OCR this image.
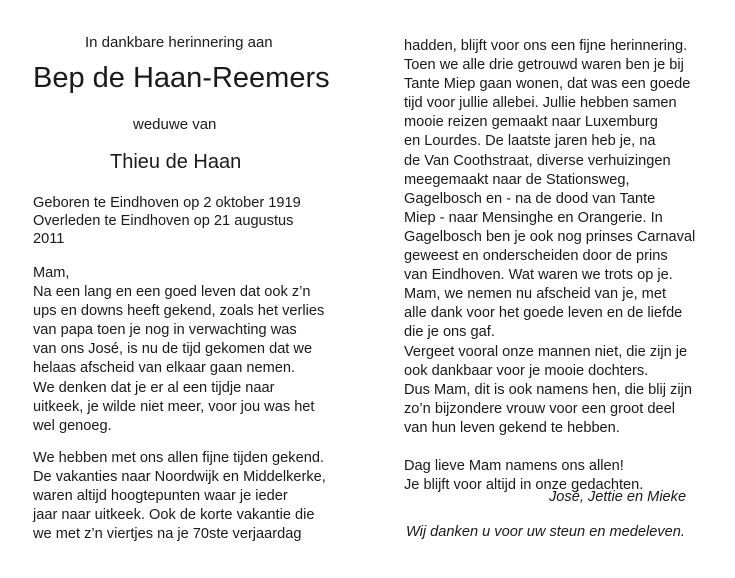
In dankbare herinnering aan
Bep de Haan-Reemers
weduwe van
Thieu de Haan
Geboren te Eindhoven op 2 oktober 1919
Overleden te Eindhoven op 21 augustus 2011
Mam,
Na een lang en een goed leven dat ook z’n
ups en downs heeft gekend, zoals het verlies
van papa toen je nog in verwachting was
van ons José, is nu de tijd gekomen dat we
helaas afscheid van elkaar gaan nemen.
We denken dat je er al een tijdje naar
uitkeek, je wilde niet meer, voor jou was het
wel genoeg.
We hebben met ons allen fijne tijden gekend.
De vakanties naar Noordwijk en Middelkerke,
waren altijd hoogtepunten waar je ieder
jaar naar uitkeek. Ook de korte vakantie die
we met z’n viertjes na je 70ste verjaardag
hadden, blijft voor ons een fijne herinnering.
Toen we alle drie getrouwd waren ben je bij
Tante Miep gaan wonen, dat was een goede
tijd voor jullie allebei. Jullie hebben samen
mooie reizen gemaakt naar Luxemburg
en Lourdes. De laatste jaren heb je, na
de Van Coothstraat, diverse verhuizingen
meegemaakt naar de Stationsweg,
Gagelbosch en - na de dood van Tante
Miep - naar Mensinghe en Orangerie. In
Gagelbosch ben je ook nog prinses Carnaval
geweest en onderscheiden door de prins
van Eindhoven. Wat waren we trots op je.
Mam, we nemen nu afscheid van je, met
alle dank voor het goede leven en de liefde
die je ons gaf.
Vergeet vooral onze mannen niet, die zijn je
ook dankbaar voor je mooie dochters.
Dus Mam, dit is ook namens hen, die blij zijn
zo’n bijzondere vrouw voor een groot deel
van hun leven gekend te hebben.

Dag lieve Mam namens ons allen!
Je blijft voor altijd in onze gedachten.
José, Jettie en Mieke
Wij danken u voor uw steun en medeleven.
